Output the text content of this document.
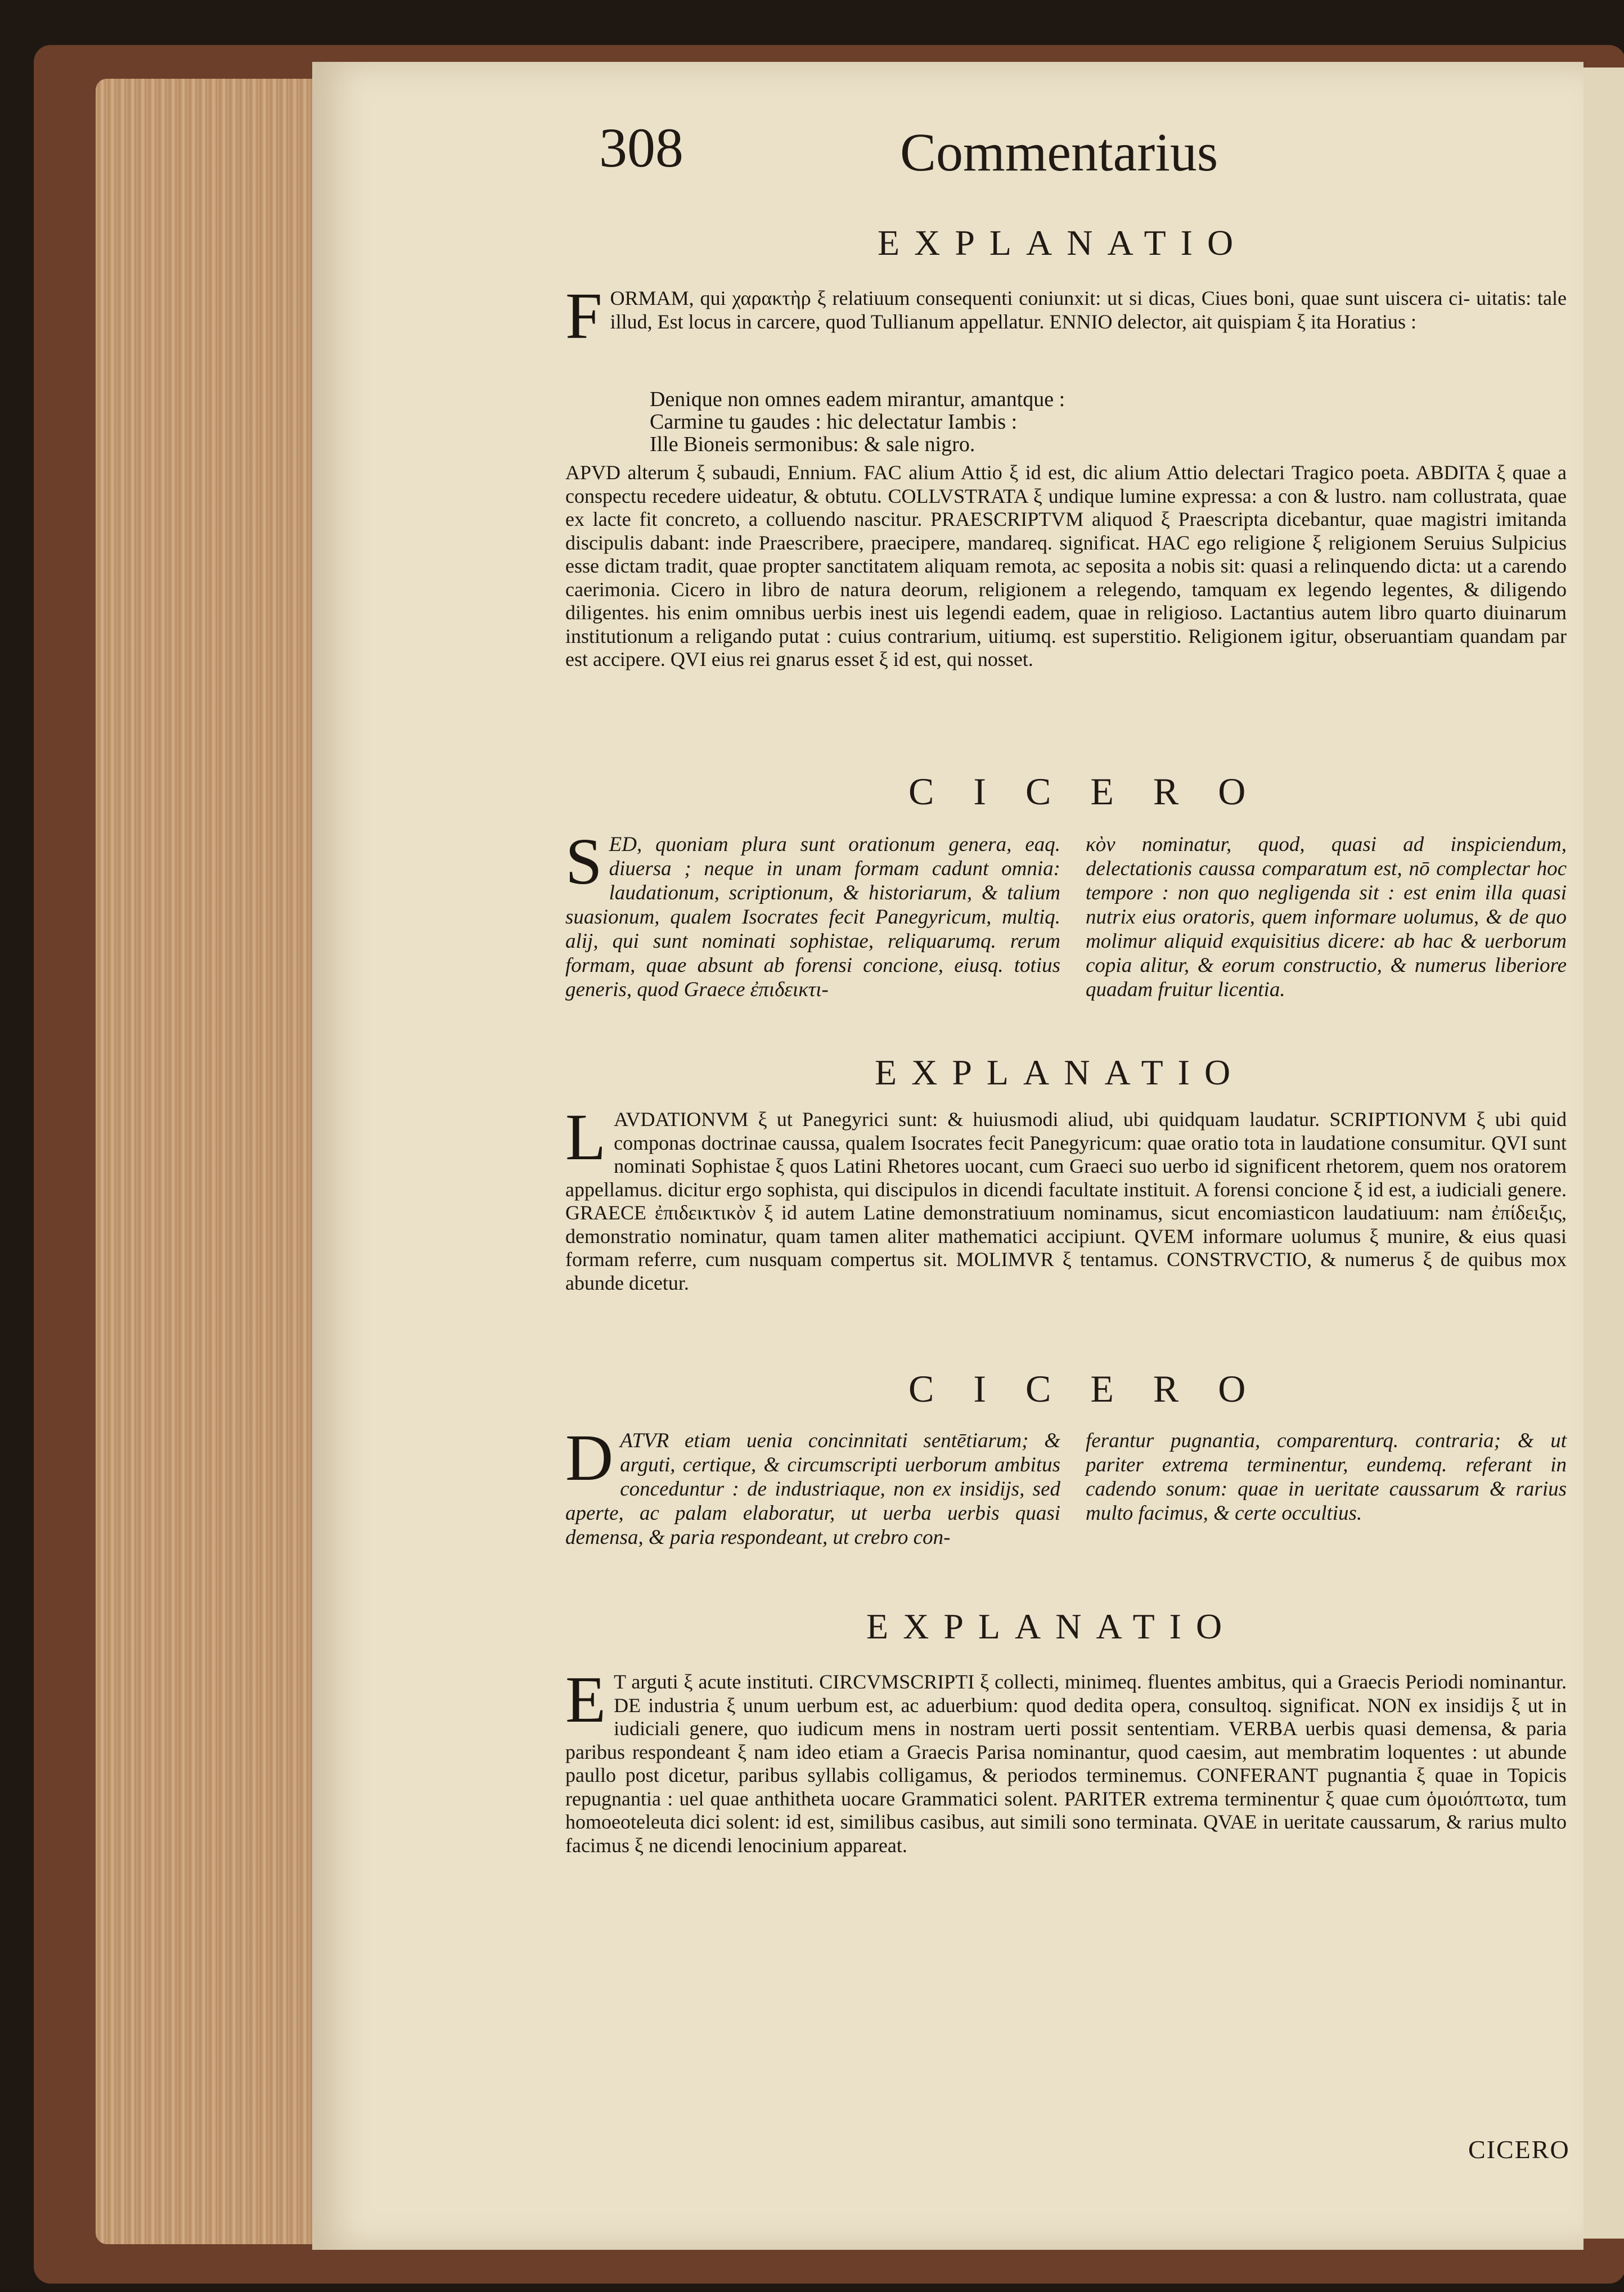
308	Commentarius
EXPLANATIO
F ORMAM, qui χαρακτὴρ ξ relatiuum consequenti coniunxit: ut si dicas, Ciues boni, quae sunt uiscera ci- uitatis: tale illud, Est locus in carcere, quod Tullianum appellatur. ENNIO delector, ait quispiam ξ ita Horatius :
Denique non omnes eadem mirantur, amantque :
Carmine tu gaudes : hic delectatur Iambis :
Ille Bioneis sermonibus: & sale nigro.
APVD alterum ξ subaudi, Ennium. FAC alium Attio ξ id est, dic alium Attio delectari Tragico poeta. ABDITA ξ quae a conspectu recedere uideatur, & obtutu. COLLVSTRATA ξ undique lumine expressa: a con & lustro. nam collustrata, quae ex lacte fit concreto, a colluendo nascitur. PRAESCRIPTVM aliquod ξ Praescripta dicebantur, quae magistri imitanda discipulis dabant: inde Praescribere, praecipere, mandareq. significat. HAC ego religione ξ religionem Seruius Sulpicius esse dictam tradit, quae propter sanctitatem aliquam remota, ac seposita a nobis sit: quasi a relinquendo dicta: ut a carendo caerimonia. Cicero in libro de natura deorum, religionem a relegendo, tamquam ex legendo legentes, & diligendo diligentes. his enim omnibus uerbis inest uis legendi eadem, quae in religioso. Lactantius autem libro quarto diuinarum institutionum a religando putat : cuius contrarium, uitiumq. est superstitio. Religionem igitur, obseruantiam quandam par est accipere. QVI eius rei gnarus esset ξ id est, qui nosset.
CICERO
S ED, quoniam plura sunt orationum genera, eaq. diuersa ; neque in unam formam cadunt omnia: laudationum, scriptionum, & historiarum, & talium suasionum, qualem Isocrates fecit Panegyricum, multiq. alij, qui sunt nominati sophistae, reliquarumq. rerum formam, quae absunt ab forensi concione, eiusq. totius generis, quod Graece ἐπιδεικτι-
κὸν nominatur, quod, quasi ad inspiciendum, delectationis caussa comparatum est, nō complectar hoc tempore : non quo negligenda sit : est enim illa quasi nutrix eius oratoris, quem informare uolumus, & de quo molimur aliquid exquisitius dicere: ab hac & uerborum copia alitur, & eorum constructio, & numerus liberiore quadam fruitur licentia.
EXPLANATIO
L AVDATIONVM ξ ut Panegyrici sunt: & huiusmodi aliud, ubi quidquam laudatur. SCRIPTIONVM ξ ubi quid componas doctrinae caussa, qualem Isocrates fecit Panegyricum: quae oratio tota in laudatione consumitur. QVI sunt nominati Sophistae ξ quos Latini Rhetores uocant, cum Graeci suo uerbo id significent rhetorem, quem nos oratorem appellamus. dicitur ergo sophista, qui discipulos in dicendi facultate instituit. A forensi concione ξ id est, a iudiciali genere. GRAECE ἐπιδεικτικὸν ξ id autem Latine demonstratiuum nominamus, sicut encomiasticon laudatiuum: nam ἐπίδειξις, demonstratio nominatur, quam tamen aliter mathematici accipiunt. QVEM informare uolumus ξ munire, & eius quasi formam referre, cum nusquam compertus sit. MOLIMVR ξ tentamus. CONSTRVCTIO, & numerus ξ de quibus mox abunde dicetur.
CICERO
D ATVR etiam uenia concinnitati sentētiarum; & arguti, certique, & circumscripti uerborum ambitus conceduntur : de industriaque, non ex insidijs, sed aperte, ac palam elaboratur, ut uerba uerbis quasi demensa, & paria respondeant, ut crebro con-
ferantur pugnantia, comparenturq. contraria; & ut pariter extrema terminentur, eundemq. referant in cadendo sonum: quae in ueritate caussarum & rarius multo facimus, & certe occultius.
EXPLANATIO
E T arguti ξ acute instituti. CIRCVMSCRIPTI ξ collecti, minimeq. fluentes ambitus, qui a Graecis Periodi nominantur. DE industria ξ unum uerbum est, ac aduerbium: quod dedita opera, consultoq. significat. NON ex insidijs ξ ut in iudiciali genere, quo iudicum mens in nostram uerti possit sententiam. VERBA uerbis quasi demensa, & paria paribus respondeant ξ nam ideo etiam a Graecis Parisa nominantur, quod caesim, aut membratim loquentes : ut abunde paullo post dicetur, paribus syllabis colligamus, & periodos terminemus. CONFERANT pugnantia ξ quae in Topicis repugnantia : uel quae anthitheta uocare Grammatici solent. PARITER extrema terminentur ξ quae cum ὁμοιόπτωτα, tum homoeoteleuta dici solent: id est, similibus casibus, aut simili sono terminata. QVAE in ueritate caussarum, & rarius multo facimus ξ ne dicendi lenocinium appareat.
CICERO
